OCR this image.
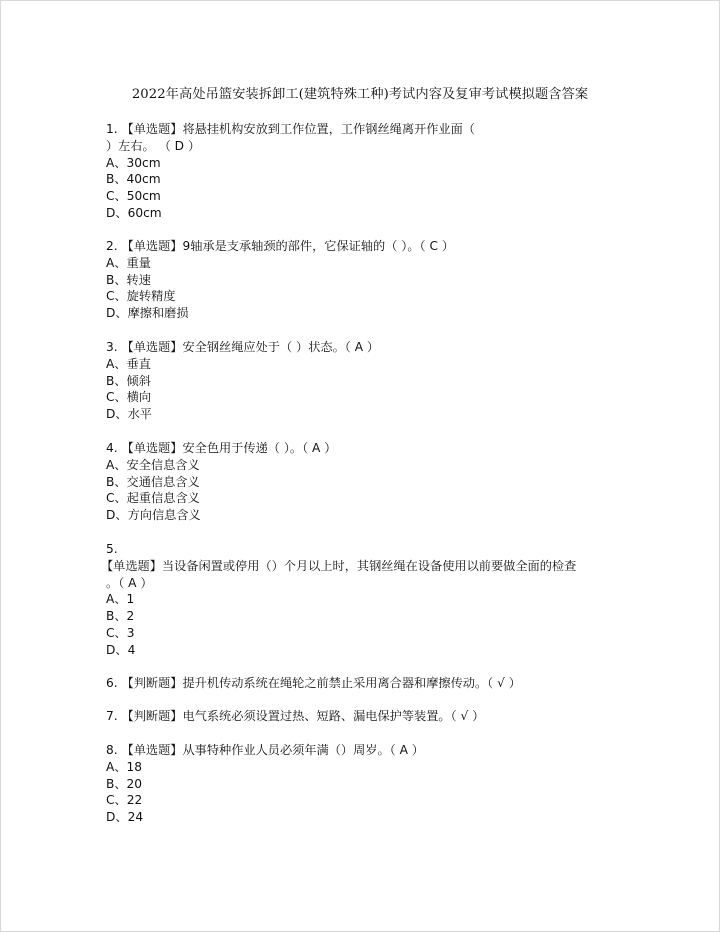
2022年高处吊篮安装拆卸工(建筑特殊工种)考试内容及复审考试模拟题含答案
1. 【单选题】将悬挂机构安放到工作位置，工作钢丝绳离开作业面（
）左右。 （ D ）
A、30cm
B、40cm
C、50cm
D、60cm
2. 【单选题】9轴承是支承轴颈的部件，它保证轴的（ ）。（ C ）
A、重量
B、转速
C、旋转精度
D、摩擦和磨损
3. 【单选题】安全钢丝绳应处于（ ）状态。（ A ）
A、垂直
B、倾斜
C、横向
D、水平
4. 【单选题】安全色用于传递（ ）。（ A ）
A、安全信息含义
B、交通信息含义
C、起重信息含义
D、方向信息含义
5.
【单选题】当设备闲置或停用（）个月以上时，其钢丝绳在设备使用以前要做全面的检查
。（ A ）
A、1
B、2
C、3
D、4
6. 【判断题】提升机传动系统在绳轮之前禁止采用离合器和摩擦传动。（ √ ）
7. 【判断题】电气系统必须设置过热、短路、漏电保护等装置。（ √ ）
8. 【单选题】从事特种作业人员必须年满（）周岁。（ A ）
A、18
B、20
C、22
D、24
